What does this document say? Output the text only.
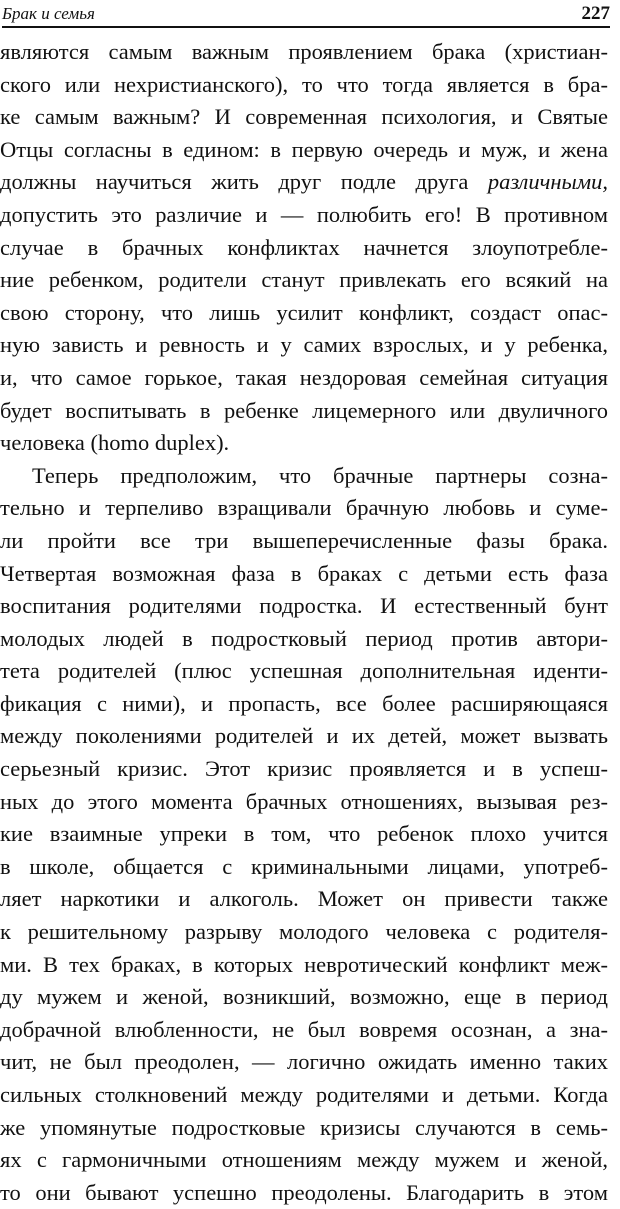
Брак и семья	227
являются самым важным проявлением брака (христиан-
ского или нехристианского), то что тогда является в бра-
ке самым важным? И современная психология, и Святые
Отцы согласны в едином: в первую очередь и муж, и жена
должны научиться жить друг подле друга различными,
допустить это различие и — полюбить его! В противном
случае в брачных конфликтах начнется злоупотребле-
ние ребенком, родители станут привлекать его всякий на
свою сторону, что лишь усилит конфликт, создаст опас-
ную зависть и ревность и у самих взрослых, и у ребенка,
и, что самое горькое, такая нездоровая семейная ситуация
будет воспитывать в ребенке лицемерного или двуличного
человека (homo duplex).
Теперь предположим, что брачные партнеры созна-
тельно и терпеливо взращивали брачную любовь и суме-
ли пройти все три вышеперечисленные фазы брака.
Четвертая возможная фаза в браках с детьми есть фаза
воспитания родителями подростка. И естественный бунт
молодых людей в подростковый период против автори-
тета родителей (плюс успешная дополнительная иденти-
фикация с ними), и пропасть, все более расширяющаяся
между поколениями родителей и их детей, может вызвать
серьезный кризис. Этот кризис проявляется и в успеш-
ных до этого момента брачных отношениях, вызывая рез-
кие взаимные упреки в том, что ребенок плохо учится
в школе, общается с криминальными лицами, употреб-
ляет наркотики и алкоголь. Может он привести также
к решительному разрыву молодого человека с родителя-
ми. В тех браках, в которых невротический конфликт меж-
ду мужем и женой, возникший, возможно, еще в период
добрачной влюбленности, не был вовремя осознан, а зна-
чит, не был преодолен, — логично ожидать именно таких
сильных столкновений между родителями и детьми. Когда
же упомянутые подростковые кризисы случаются в семь-
ях с гармоничными отношениям между мужем и женой,
то они бывают успешно преодолены. Благодарить в этом
